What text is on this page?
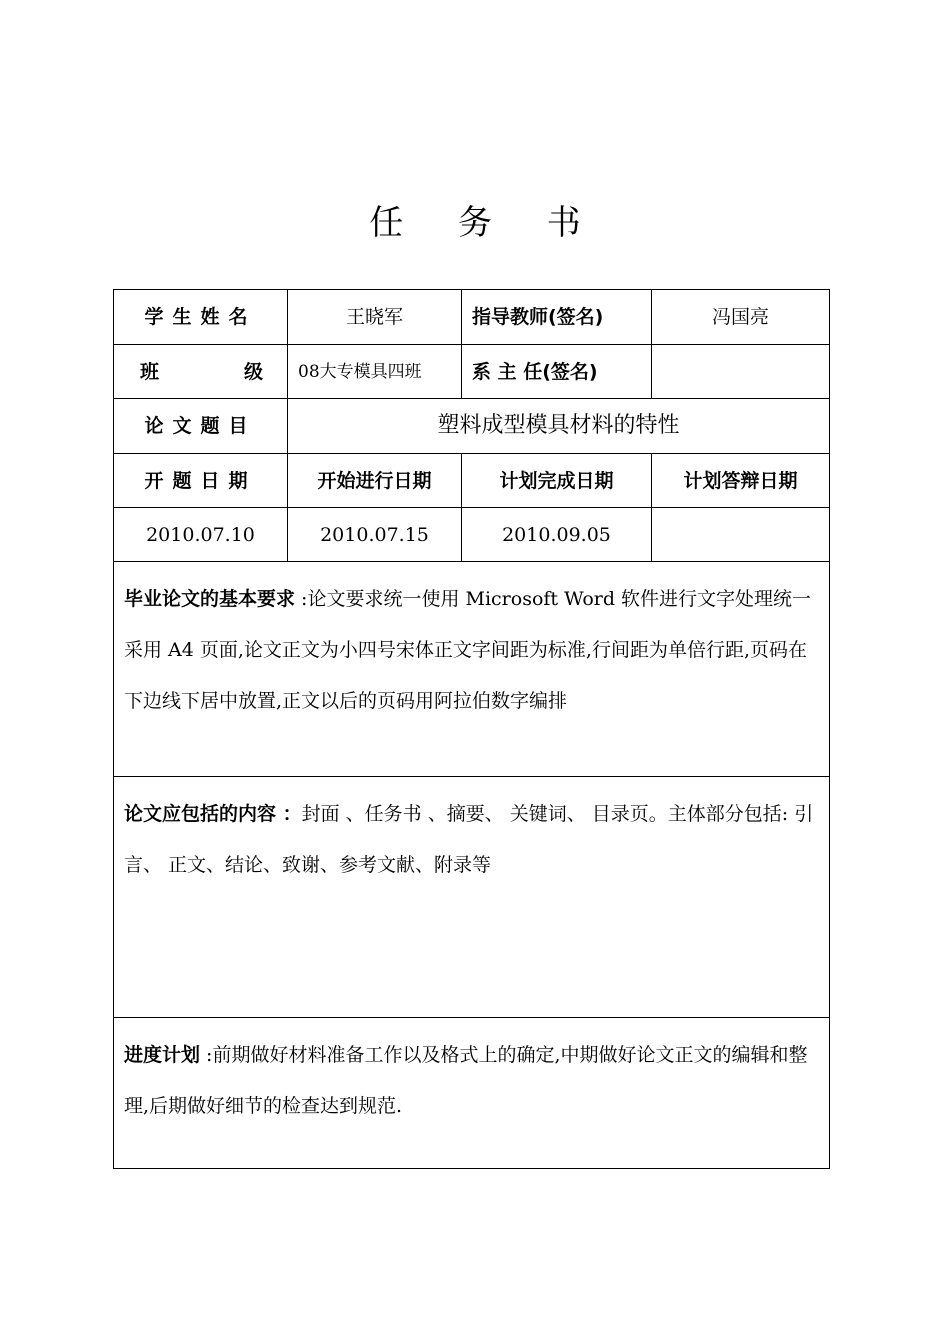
任 务 书
学生姓名	王晓军	指导教师(签名)	冯国亮

班 级	08大专模具四班	系 主 任(签名)	
论文题目	塑料成型模具材料的特性		
开题日期	开始进行日期	计划完成日期	计划答辩日期
2010.07.10	2010.07.15	2010.09.05	
毕业论文的基本要求 :论文要求统一使用 Microsoft Word 软件进行文字处理统一采用 A4 页面,论文正文为小四号宋体正文字间距为标准,行间距为单倍行距,页码在下边线下居中放置,正文以后的页码用阿拉伯数字编排			
论文应包括的内容 ：封面 、任务书 、摘要、 关键词、 目录页。主体部分包括: 引言、 正文、结论、致谢、参考文献、附录等			
进度计划 :前期做好材料准备工作以及格式上的确定,中期做好论文正文的编辑和整理,后期做好细节的检查达到规范.			
